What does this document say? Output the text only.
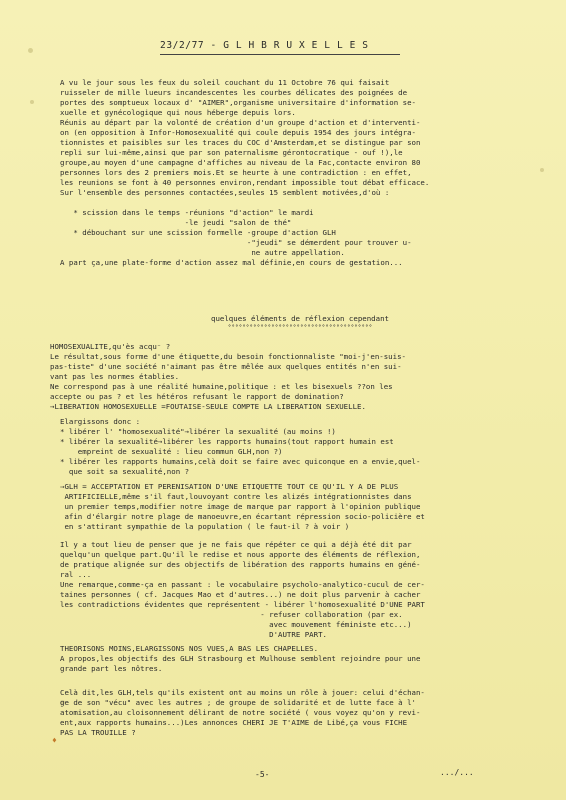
23/2/77 - G L H B R U X E L L E S
A vu le jour sous les feux du soleil couchant du 11 Octobre 76 qui faisait
ruisseler de mille lueurs incandescentes les courbes délicates des poignées de
portes des somptueux locaux d' "AIMER",organisme universitaire d'information se-
xuelle et gynécologique qui nous héberge depuis lors.
Réunis au départ par la volonté de création d'un groupe d'action et d'interventi-
on (en opposition à Infor-Homosexualité qui coule depuis 1954 des jours intégra-
tionnistes et paisibles sur les traces du COC d'Amsterdam,et se distingue par son
repli sur lui-même,ainsi que par son paternalisme gérontocratique - ouf !),le
groupe,au moyen d'une campagne d'affiches au niveau de la Fac,contacte environ 80
personnes lors des 2 premiers mois.Et se heurte à une contradiction : en effet,
les reunions se font à 40 personnes environ,rendant impossible tout débat efficace.
Sur l'ensemble des personnes contactées,seules 15 semblent motivées,d'où :
* scission dans le temps -réunions "d'action" le mardi
-le jeudi "salon de thé"
* débouchant sur une scission formelle -groupe d'action GLH
-"jeudi" se démerdent pour trouver u-
ne autre appellation.
A part ça,une plate-forme d'action assez mal définie,en cours de gestation...
quelques éléments de réflexion cependant
°°°°°°°°°°°°°°°°°°°°°°°°°°°°°°°°°°°°°°°°
HOMOSEXUALITE,qu'ès acqu⁻ ?
Le résultat,sous forme d'une étiquette,du besoin fonctionnaliste "moi-j'en-suis-
pas-tiste" d'une société n'aimant pas être mêlée aux quelques entités n'en sui-
vant pas les normes établies.
Ne correspond pas à une réalité humaine,politique : et les bisexuels ??on les
accepte ou pas ? et les hétéros refusant le rapport de domination?
→LIBERATION HOMOSEXUELLE =FOUTAISE-SEULE COMPTE LA LIBERATION SEXUELLE.
Elargissons donc :
* libérer l' "homosexualité"→libérer la sexualité (au moins !)
* libérer la sexualité→libérer les rapports humains(tout rapport humain est
empreint de sexualité : lieu commun GLH,non ?)
* libérer les rapports humains,celà doit se faire avec quiconque en a envie,quel-
que soit sa sexualité,non ?
⇒GLH = ACCEPTATION ET PERENISATION D'UNE ETIQUETTE TOUT CE QU'IL Y A DE PLUS
ARTIFICIELLE,même s'il faut,louvoyant contre les alizés intégrationnistes dans
un premier temps,modifier notre image de marque par rapport à l'opinion publique
afin d'élargir notre plage de manoeuvre,en écartant répression socio-policière et
en s'attirant sympathie de la population ( le faut-il ? à voir )
Il y a tout lieu de penser que je ne fais que répéter ce qui a déjà été dit par
quelqu'un quelque part.Qu'il le redise et nous apporte des éléments de réflexion,
de pratique alignée sur des objectifs de libération des rapports humains en géné-
ral ...
Une remarque,comme-ça en passant : le vocabulaire psycholo-analytico-cucul de cer-
taines personnes ( cf. Jacques Mao et d'autres...) ne doit plus parvenir à cacher
les contradictions évidentes que représentent - libérer l'homosexualité D'UNE PART
- refuser collaboration (par ex.
avec mouvement féministe etc...)
D'AUTRE PART.
THEORISONS MOINS,ELARGISSONS NOS VUES,A BAS LES CHAPELLES.
A propos,les objectifs des GLH Strasbourg et Mulhouse semblent rejoindre pour une
grande part les nôtres.
Celà dit,les GLH,tels qu'ils existent ont au moins un rôle à jouer: celui d'échan-
ge de son "vécu" avec les autres ; de groupe de solidarité et de lutte face à l'
atomisation,au cloisonnement délirant de notre société ( vous voyez qu'on y revi-
ent,aux rapports humains...)Les annonces CHERI JE T'AIME de Libé,ça vous FICHE
PAS LA TROUILLE ?
♦
-5-	.../...
